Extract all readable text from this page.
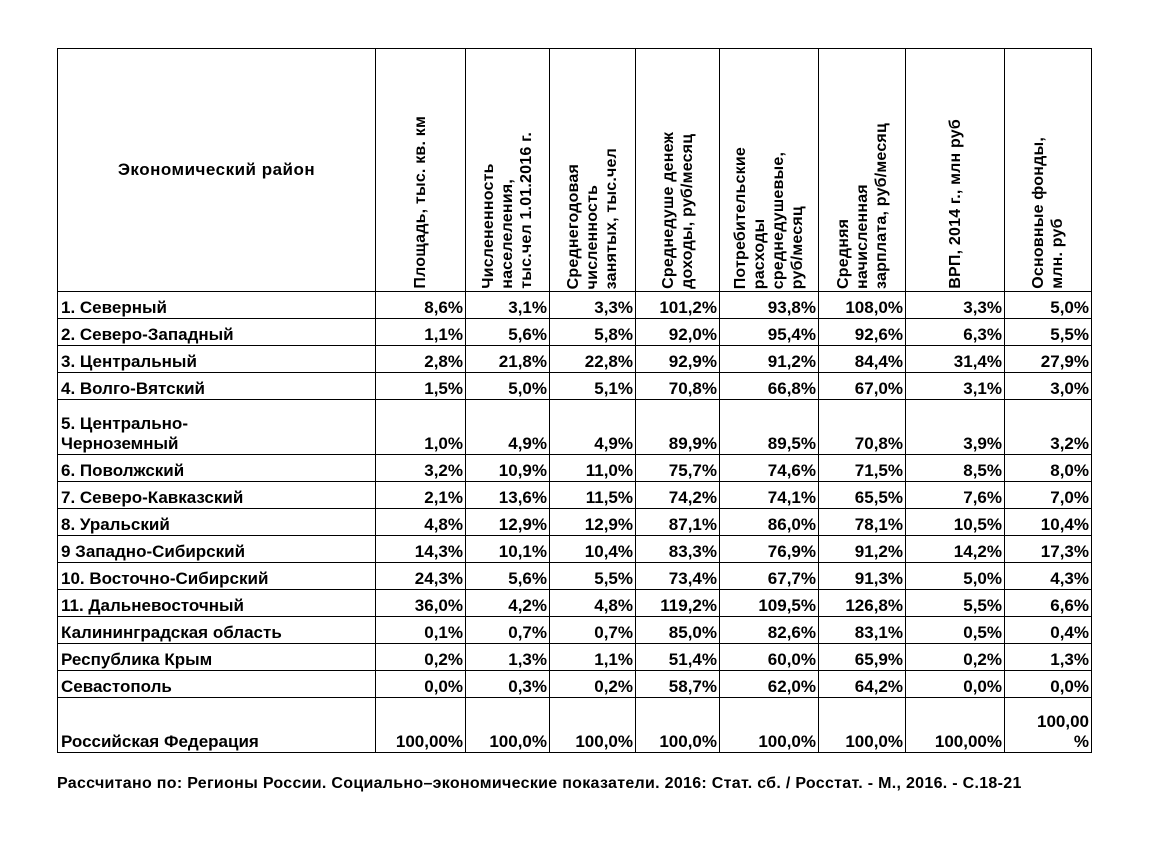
Экономический район	Площадь, тыс. кв. км	Числененность
населеления,
тыс.чел 1.01.2016 г.	Среднегодовая
численность
занятых, тыс.чел	Среднедуше денеж
доходы, руб/месяц	Потребительские
расходы
среднедушевые,
руб/месяц	Средняя
начисленная
зарплата, руб/месяц	ВРП, 2014 г., млн руб	Основные фонды,
млн. руб

1. Северный	8,6%	3,1%	3,3%	101,2%	93,8%	108,0%	3,3%	5,0%
2. Северо-Западный	1,1%	5,6%	5,8%	92,0%	95,4%	92,6%	6,3%	5,5%
3. Центральный	2,8%	21,8%	22,8%	92,9%	91,2%	84,4%	31,4%	27,9%
4. Волго-Вятский	1,5%	5,0%	5,1%	70,8%	66,8%	67,0%	3,1%	3,0%
5. Центрально-
Черноземный	1,0%	4,9%	4,9%	89,9%	89,5%	70,8%	3,9%	3,2%
6. Поволжский	3,2%	10,9%	11,0%	75,7%	74,6%	71,5%	8,5%	8,0%
7. Северо-Кавказский	2,1%	13,6%	11,5%	74,2%	74,1%	65,5%	7,6%	7,0%
8. Уральский	4,8%	12,9%	12,9%	87,1%	86,0%	78,1%	10,5%	10,4%
9 Западно-Сибирский	14,3%	10,1%	10,4%	83,3%	76,9%	91,2%	14,2%	17,3%
10. Восточно-Сибирский	24,3%	5,6%	5,5%	73,4%	67,7%	91,3%	5,0%	4,3%
11. Дальневосточный	36,0%	4,2%	4,8%	119,2%	109,5%	126,8%	5,5%	6,6%
Калининградская область	0,1%	0,7%	0,7%	85,0%	82,6%	83,1%	0,5%	0,4%
Республика Крым	0,2%	1,3%	1,1%	51,4%	60,0%	65,9%	0,2%	1,3%
Севастополь	0,0%	0,3%	0,2%	58,7%	62,0%	64,2%	0,0%	0,0%
Российская Федерация	100,00%	100,0%	100,0%	100,0%	100,0%	100,0%	100,00%	100,00
%
Рассчитано по: Регионы России. Социально–экономические показатели. 2016: Стат. сб. / Росстат. - М., 2016. - С.18-21
